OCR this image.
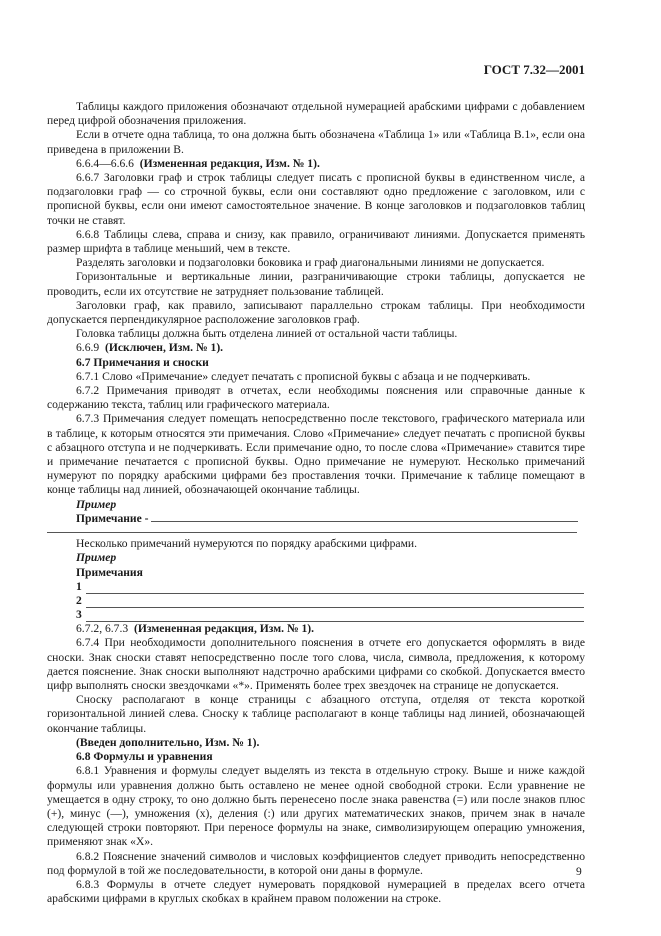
ГОСТ 7.32—2001

Таблицы каждого приложения обозначают отдельной нумерацией арабскими цифрами с добавлением перед цифрой обозначения приложения.

Если в отчете одна таблица, то она должна быть обозначена «Таблица 1» или «Таблица В.1», если она приведена в приложении В.

6.6.4—6.6.6 (Измененная редакция, Изм. № 1).

6.6.7 Заголовки граф и строк таблицы следует писать с прописной буквы в единственном числе, а подзаголовки граф — со строчной буквы, если они составляют одно предложение с заголовком, или с прописной буквы, если они имеют самостоятельное значение. В конце заголовков и подзаголовков таблиц точки не ставят.

6.6.8 Таблицы слева, справа и снизу, как правило, ограничивают линиями. Допускается применять размер шрифта в таблице меньший, чем в тексте.

Разделять заголовки и подзаголовки боковика и граф диагональными линиями не допускается.

Горизонтальные и вертикальные линии, разграничивающие строки таблицы, допускается не проводить, если их отсутствие не затрудняет пользование таблицей.

Заголовки граф, как правило, записывают параллельно строкам таблицы. При необходимости допускается перпендикулярное расположение заголовков граф.

Головка таблицы должна быть отделена линией от остальной части таблицы.

6.6.9 (Исключен, Изм. № 1).

6.7 Примечания и сноски

6.7.1 Слово «Примечание» следует печатать с прописной буквы с абзаца и не подчеркивать.

6.7.2 Примечания приводят в отчетах, если необходимы пояснения или справочные данные к содержанию текста, таблиц или графического материала.

6.7.3 Примечания следует помещать непосредственно после текстового, графического материала или в таблице, к которым относятся эти примечания. Слово «Примечание» следует печатать с прописной буквы с абзацного отступа и не подчеркивать. Если примечание одно, то после слова «Примечание» ставится тире и примечание печатается с прописной буквы. Одно примечание не нумеруют. Несколько примечаний нумеруют по порядку арабскими цифрами без проставления точки. Примечание к таблице помещают в конце таблицы над линией, обозначающей окончание таблицы.

Пример

Примечание -

Несколько примечаний нумеруются по порядку арабскими цифрами.

Пример

Примечания

1
2
3

6.7.2, 6.7.3 (Измененная редакция, Изм. № 1).

6.7.4 При необходимости дополнительного пояснения в отчете его допускается оформлять в виде сноски. Знак сноски ставят непосредственно после того слова, числа, символа, предложения, к которому дается пояснение. Знак сноски выполняют надстрочно арабскими цифрами со скобкой. Допускается вместо цифр выполнять сноски звездочками «*». Применять более трех звездочек на странице не допускается.

Сноску располагают в конце страницы с абзацного отступа, отделяя от текста короткой горизонтальной линией слева. Сноску к таблице располагают в конце таблицы над линией, обозначающей окончание таблицы.

(Введен дополнительно, Изм. № 1).

6.8 Формулы и уравнения

6.8.1 Уравнения и формулы следует выделять из текста в отдельную строку. Выше и ниже каждой формулы или уравнения должно быть оставлено не менее одной свободной строки. Если уравнение не умещается в одну строку, то оно должно быть перенесено после знака равенства (=) или после знаков плюс (+), минус (—), умножения (х), деления (:) или других математических знаков, причем знак в начале следующей строки повторяют. При переносе формулы на знаке, символизирующем операцию умножения, применяют знак «Х».

6.8.2 Пояснение значений символов и числовых коэффициентов следует приводить непосредственно под формулой в той же последовательности, в которой они даны в формуле.

6.8.3 Формулы в отчете следует нумеровать порядковой нумерацией в пределах всего отчета арабскими цифрами в круглых скобках в крайнем правом положении на строке.

9
